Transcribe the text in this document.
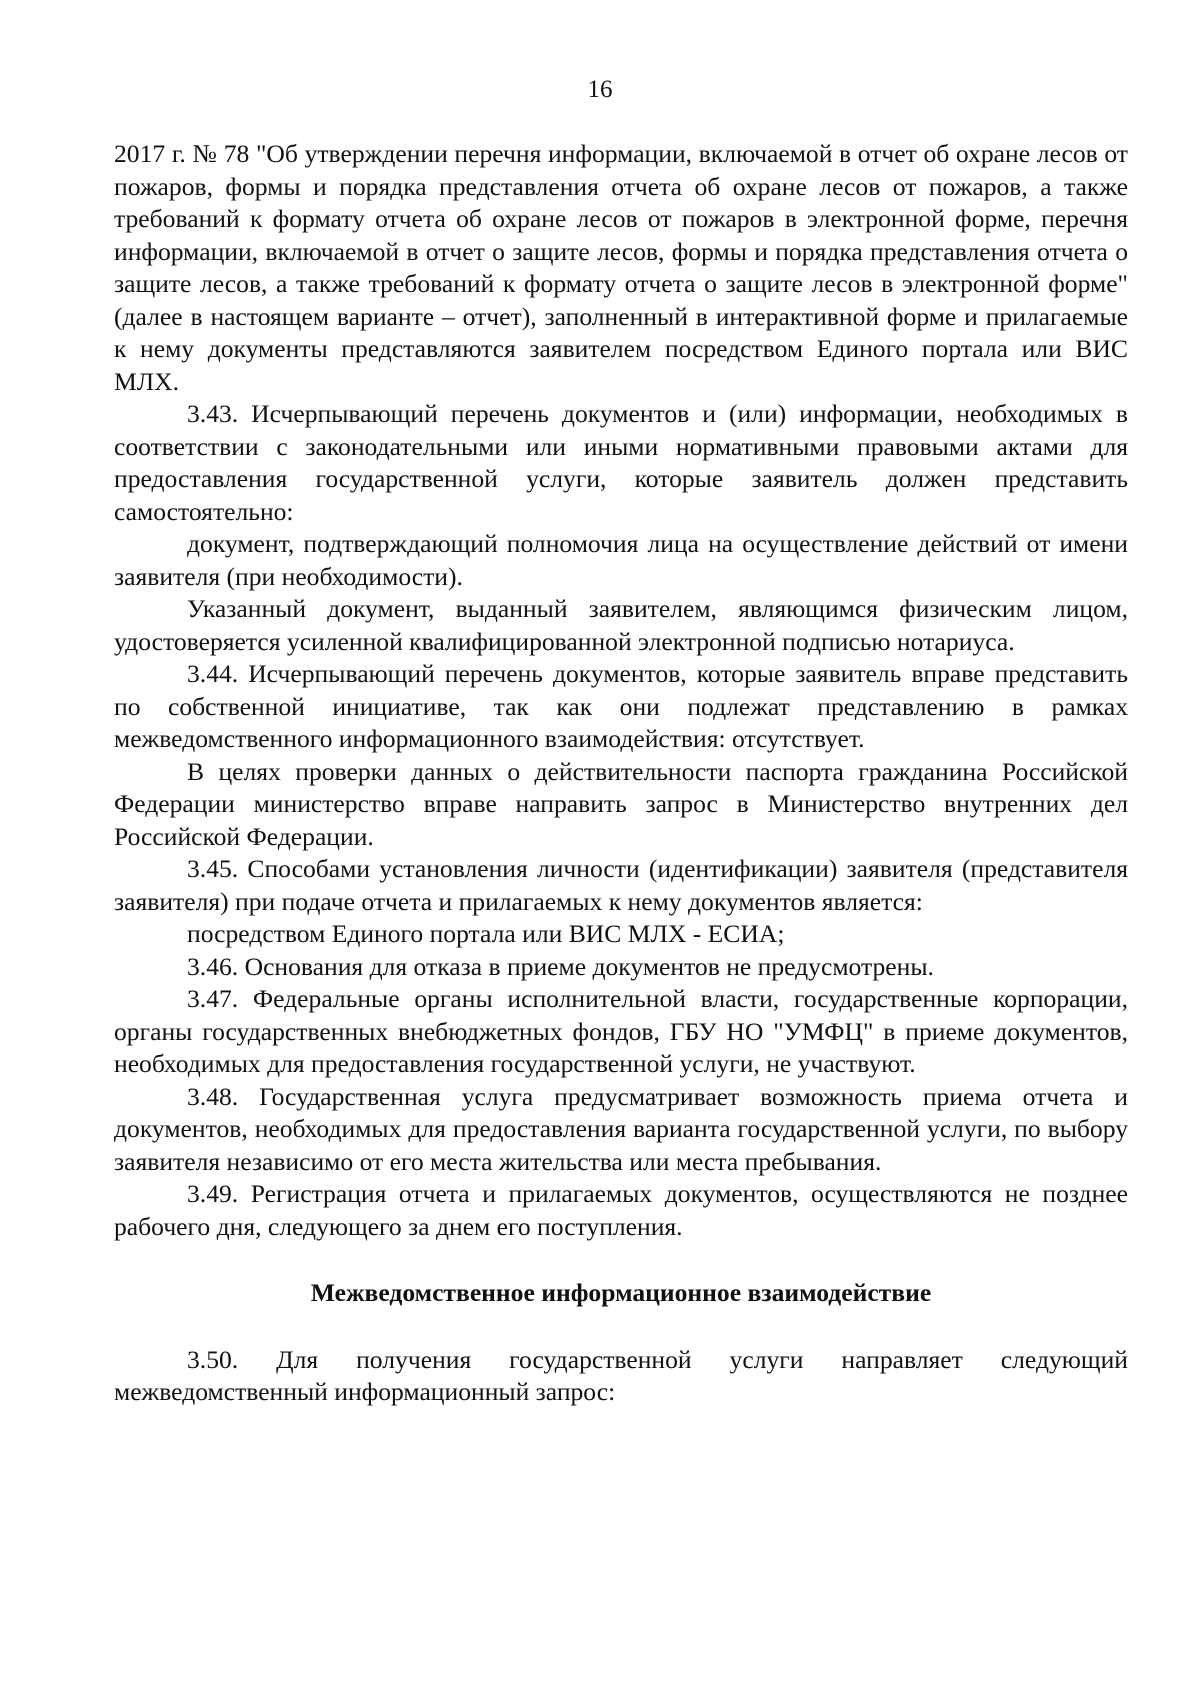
16

2017 г. № 78 "Об утверждении перечня информации, включаемой в отчет об охране лесов от пожаров, формы и порядка представления отчета об охране лесов от пожаров, а также требований к формату отчета об охране лесов от пожаров в электронной форме, перечня информации, включаемой в отчет о защите лесов, формы и порядка представления отчета о защите лесов, а также требований к формату отчета о защите лесов в электронной форме" (далее в настоящем варианте – отчет), заполненный в интерактивной форме и прилагаемые к нему документы представляются заявителем посредством Единого портала или ВИС МЛХ.

3.43. Исчерпывающий перечень документов и (или) информации, необходимых в соответствии с законодательными или иными нормативными правовыми актами для предоставления государственной услуги, которые заявитель должен представить самостоятельно:

документ, подтверждающий полномочия лица на осуществление действий от имени заявителя (при необходимости).

Указанный документ, выданный заявителем, являющимся физическим лицом, удостоверяется усиленной квалифицированной электронной подписью нотариуса.

3.44. Исчерпывающий перечень документов, которые заявитель вправе представить по собственной инициативе, так как они подлежат представлению в рамках межведомственного информационного взаимодействия: отсутствует.

В целях проверки данных о действительности паспорта гражданина Российской Федерации министерство вправе направить запрос в Министерство внутренних дел Российской Федерации.

3.45. Способами установления личности (идентификации) заявителя (представителя заявителя) при подаче отчета и прилагаемых к нему документов является:

посредством Единого портала или ВИС МЛХ - ЕСИА;

3.46. Основания для отказа в приеме документов не предусмотрены.

3.47. Федеральные органы исполнительной власти, государственные корпорации, органы государственных внебюджетных фондов, ГБУ НО "УМФЦ" в приеме документов, необходимых для предоставления государственной услуги, не участвуют.

3.48. Государственная услуга предусматривает возможность приема отчета и документов, необходимых для предоставления варианта государственной услуги, по выбору заявителя независимо от его места жительства или места пребывания.

3.49. Регистрация отчета и прилагаемых документов, осуществляются не позднее рабочего дня, следующего за днем его поступления.

Межведомственное информационное взаимодействие

3.50. Для получения государственной услуги направляет следующий межведомственный информационный запрос:
